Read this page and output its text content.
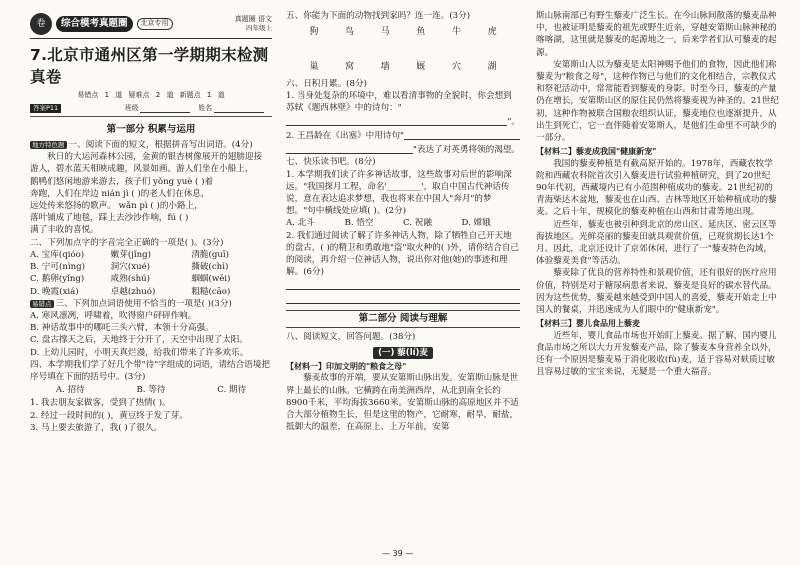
卷	综合模考真题圈	北京专用	真题圈 语文
四年级上
7.北京市通州区第一学期期末检测真卷
易错点 1 道 疑难点 2 道 新题点 1 道
答案P11	班级	姓名
第一部分 积累与运用

地方特色题 一、阅读下面的短文，根据拼音写出词语。(4分)

秋日的大运河森林公园，金黄的银杏树像展开的翅膀迎接

游人，碧水蓝天相映成趣，风景如画。游人们坐在小船上，

鹅鸭们悠闲地游来游去，孩子们 yǒng yuè ( )着

奔跑，人们在岸边 nián jì ( )的老人们在休息，

远处传来悠扬的歌声。 wǎn pì ( )的小路上，

落叶铺成了地毯，踩上去沙沙作响，fú ( )

满了丰收的喜悦。

二、下列加点字的字音完全正确的一项是( )。(3分)

A. 宝库(qióo)	嫩芽(jǐng)	清脆(guī)
B. 宁可(nìng)	洞穴(xué)	撕破(chì)
C. 鹅卵(yǐng)	咸熟(shú)	蝈蝈(wēi)
D. 晚霞(xiá)	卓越(zhuó)	粗糙(cāo)

易错点 三、下列加点词语使用不恰当的一项是( )(3分)

A. 寒风凛冽，呼啸着，吹得窗户砰砰作响。

B. 神话故事中的哪吒三头六臂，本领十分高强。

C. 盘古撑天之后，天地终于分开了，天空中出现了太阳。

D. 上幼儿园时，小明天真烂漫，给我们带来了许多欢乐。

四、本学期我们学了好几个带"待"字组成的词语，请结合语境把序号填在下面的括号中。(3分)

A. 招待	B. 等待	C. 期待

1. 我去朋友家做客，受到了热情( )。

2. 经过一段时间的( )，黄豆终于发了芽。

3. 马上要去旅游了，我( )了很久。

五、你能为下面的动物找到家吗？连一连。(3分)

狗	鸟	马	鱼	牛	虎
巢	窝	墙	厩	穴	湖

六、日积月累。(8分)

1. 当身处复杂的环境中，难以看清事物的全貌时，你会想到苏轼《题西林壁》中的诗句："

"。
2. 王昌龄在《出塞》中用诗句"
"表达了对英勇将领的渴望。

七、快乐读书吧。(8分)

1. 本学期我们读了许多神话故事，这些故事对后世的影响深远。"我国探月工程，命名'________'，取自中国古代神话传说，意在表达追求梦想，我也将来在中国人"奔月"的梦想。"句中横线处应填( )。(2分)

A. 北斗	B. 悟空	C. 祝融	D. 嫦娥

2. 我们通过阅读了解了许多神话人物，除了牺牲自己开天地的盘古，( )的精卫和勇敢地"盗"取火种的( )外，请你结合自己的阅读，再介绍一位神话人物，说出你对他(她)的事迹和理解。(6分)

第二部分 阅读与理解

八、阅读短文，回答问题。(38分)

(一) 藜(lí)麦

【材料一】印加文明的"粮食之母"

藜麦故事的开端，要从安第斯山脉出发。安第斯山脉是世界上最长的山脉。它横跨在南美洲西岸，从北到南全长约8900千米，平均海拔3660米。安第斯山脉的高原地区并不适合大部分植物生长，但是这里的物产，它耐寒，耐旱，耐盐，抵御大的温差，在高原上、上万年前，安第

斯山脉南部已有野生藜麦广泛生长。在今山脉间散落的藜麦品种中，也被证明是藜麦的祖先或野生近亲，穿越安第斯山脉神秘的喀喀湖，这里就是藜麦的起源地之一，后来学者们认可藜麦的起源。

安第斯山人以为藜麦是太阳神赐予他们的食物，因此他们称藜麦为"粮食之母"，这种作物已与他们的文化相结合，宗教仪式和祭祀活动中，常常能看到藜麦的身影。时至今日，藜麦的产量仍在增长，安第斯山区的原住民仍然将藜麦视为神圣的。21世纪初，这种作物被联合国粮农组织认证，藜麦地位也逐渐提升，从出生到死亡，它一直伴随着安第斯人，是他们生命里不可缺少的一部分。

【材料二】藜麦成我国"健康新宠"

我国的藜麦种植是有截高原开始的。1978年，西藏农牧学院和西藏农科院首次引入藜麦进行试验种植研究，到了20世纪90年代初，西藏境内已有小范围种植成功的藜麦。21世纪初的青海柴达木盆地，藜麦也在山西、吉林等地区开始种植成功的藜麦。之后十年，规模化的藜麦种植在山西和甘肃等地出现。

近些年，藜麦也被引种到北京的房山区、延庆区、密云区等海拔地区。光鲜亮丽的藜麦田就具观赏价值，已现赏期长达1个月。因此，北京还设计了京郊休闲，进行了一"藜麦特色沟域，体验藜麦美食"等活动。

藜麦除了优良的营养特性和景观价值，还有很好的医疗应用价值，特别是对于糖尿病患者来说，藜麦是良好的碳水替代品。因为这些优势，藜麦越来越受到中国人的喜爱，藜麦开始走上中国人的餐桌，并迅速成为人们眼中的"健康新宠"。

【材料三】婴儿食品用上藜麦

近些年，婴儿食品市场也开始盯上藜麦。据了解，国内婴儿食品市场之所以大力开发藜麦产品，除了藜麦本身营养全以外，还有一个原因是藜麦易于消化吸收(fù)麦，适于容易对麸质过敏且容易过敏的宝宝来说，无疑是一个重大福音。

— 39 —
